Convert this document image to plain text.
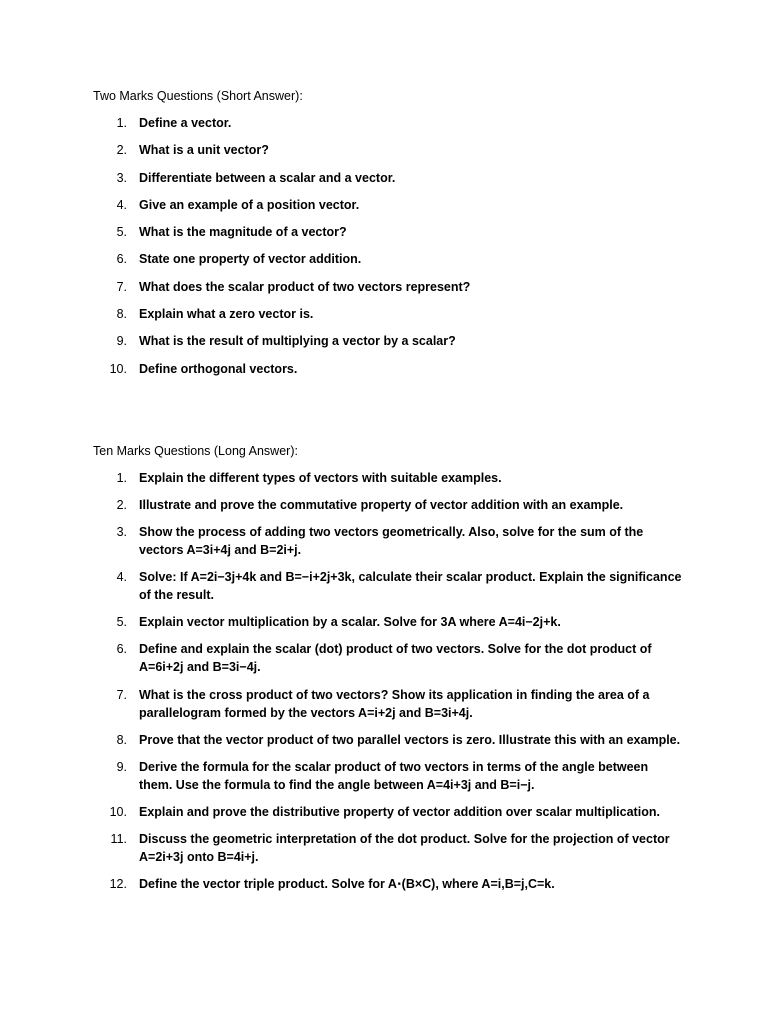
Two Marks Questions (Short Answer):
1. Define a vector.
2. What is a unit vector?
3. Differentiate between a scalar and a vector.
4. Give an example of a position vector.
5. What is the magnitude of a vector?
6. State one property of vector addition.
7. What does the scalar product of two vectors represent?
8. Explain what a zero vector is.
9. What is the result of multiplying a vector by a scalar?
10. Define orthogonal vectors.
Ten Marks Questions (Long Answer):
1. Explain the different types of vectors with suitable examples.
2. Illustrate and prove the commutative property of vector addition with an example.
3. Show the process of adding two vectors geometrically. Also, solve for the sum of the vectors A=3i+4j and B=2i+j.
4. Solve: If A=2i−3j+4k and B=−i+2j+3k, calculate their scalar product. Explain the significance of the result.
5. Explain vector multiplication by a scalar. Solve for 3A where A=4i−2j+k.
6. Define and explain the scalar (dot) product of two vectors. Solve for the dot product of A=6i+2j and B=3i−4j.
7. What is the cross product of two vectors? Show its application in finding the area of a parallelogram formed by the vectors A=i+2j and B=3i+4j.
8. Prove that the vector product of two parallel vectors is zero. Illustrate this with an example.
9. Derive the formula for the scalar product of two vectors in terms of the angle between them. Use the formula to find the angle between A=4i+3j and B=i−j.
10. Explain and prove the distributive property of vector addition over scalar multiplication.
11. Discuss the geometric interpretation of the dot product. Solve for the projection of vector A=2i+3j onto B=4i+j.
12. Define the vector triple product. Solve for A⋅(B×C), where A=i,B=j,C=k.
